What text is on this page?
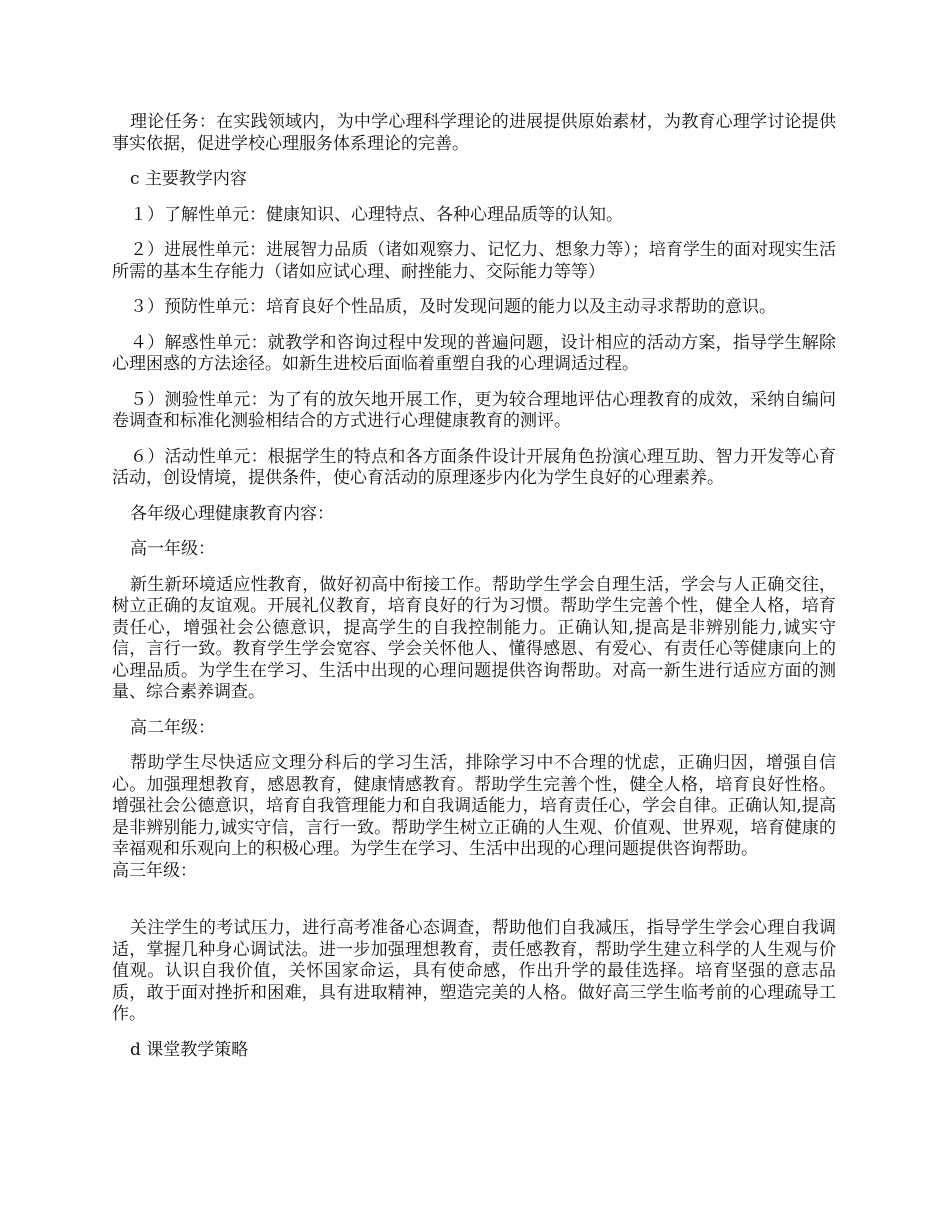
理论任务：在实践领域内，为中学心理科学理论的进展提供原始素材，为教育心理学讨论提供事实依据，促进学校心理服务体系理论的完善。

c 主要教学内容

１）了解性单元：健康知识、心理特点、各种心理品质等的认知。

２）进展性单元：进展智力品质（诸如观察力、记忆力、想象力等）；培育学生的面对现实生活所需的基本生存能力（诸如应试心理、耐挫能力、交际能力等等）

３）预防性单元：培育良好个性品质，及时发现问题的能力以及主动寻求帮助的意识。

４）解惑性单元：就教学和咨询过程中发现的普遍问题，设计相应的活动方案，指导学生解除心理困惑的方法途径。如新生进校后面临着重塑自我的心理调适过程。

５）测验性单元：为了有的放矢地开展工作，更为较合理地评估心理教育的成效，采纳自编问卷调查和标准化测验相结合的方式进行心理健康教育的测评。

６）活动性单元：根据学生的特点和各方面条件设计开展角色扮演心理互助、智力开发等心育活动，创设情境，提供条件，使心育活动的原理逐步内化为学生良好的心理素养。

各年级心理健康教育内容：

高一年级：

新生新环境适应性教育，做好初高中衔接工作。帮助学生学会自理生活，学会与人正确交往，树立正确的友谊观。开展礼仪教育，培育良好的行为习惯。帮助学生完善个性，健全人格，培育责任心，增强社会公德意识，提高学生的自我控制能力。正确认知,提高是非辨别能力,诚实守信，言行一致。教育学生学会宽容、学会关怀他人、懂得感恩、有爱心、有责任心等健康向上的心理品质。为学生在学习、生活中出现的心理问题提供咨询帮助。对高一新生进行适应方面的测量、综合素养调查。

高二年级：

帮助学生尽快适应文理分科后的学习生活，排除学习中不合理的忧虑，正确归因，增强自信心。加强理想教育，感恩教育，健康情感教育。帮助学生完善个性，健全人格，培育良好性格。增强社会公德意识，培育自我管理能力和自我调适能力，培育责任心，学会自律。正确认知,提高是非辨别能力,诚实守信，言行一致。帮助学生树立正确的人生观、价值观、世界观，培育健康的幸福观和乐观向上的积极心理。为学生在学习、生活中出现的心理问题提供咨询帮助。

高三年级：

关注学生的考试压力，进行高考准备心态调查，帮助他们自我减压，指导学生学会心理自我调适，掌握几种身心调试法。进一步加强理想教育，责任感教育，帮助学生建立科学的人生观与价值观。认识自我价值，关怀国家命运，具有使命感，作出升学的最佳选择。培育坚强的意志品质，敢于面对挫折和困难，具有进取精神，塑造完美的人格。做好高三学生临考前的心理疏导工作。

d 课堂教学策略
